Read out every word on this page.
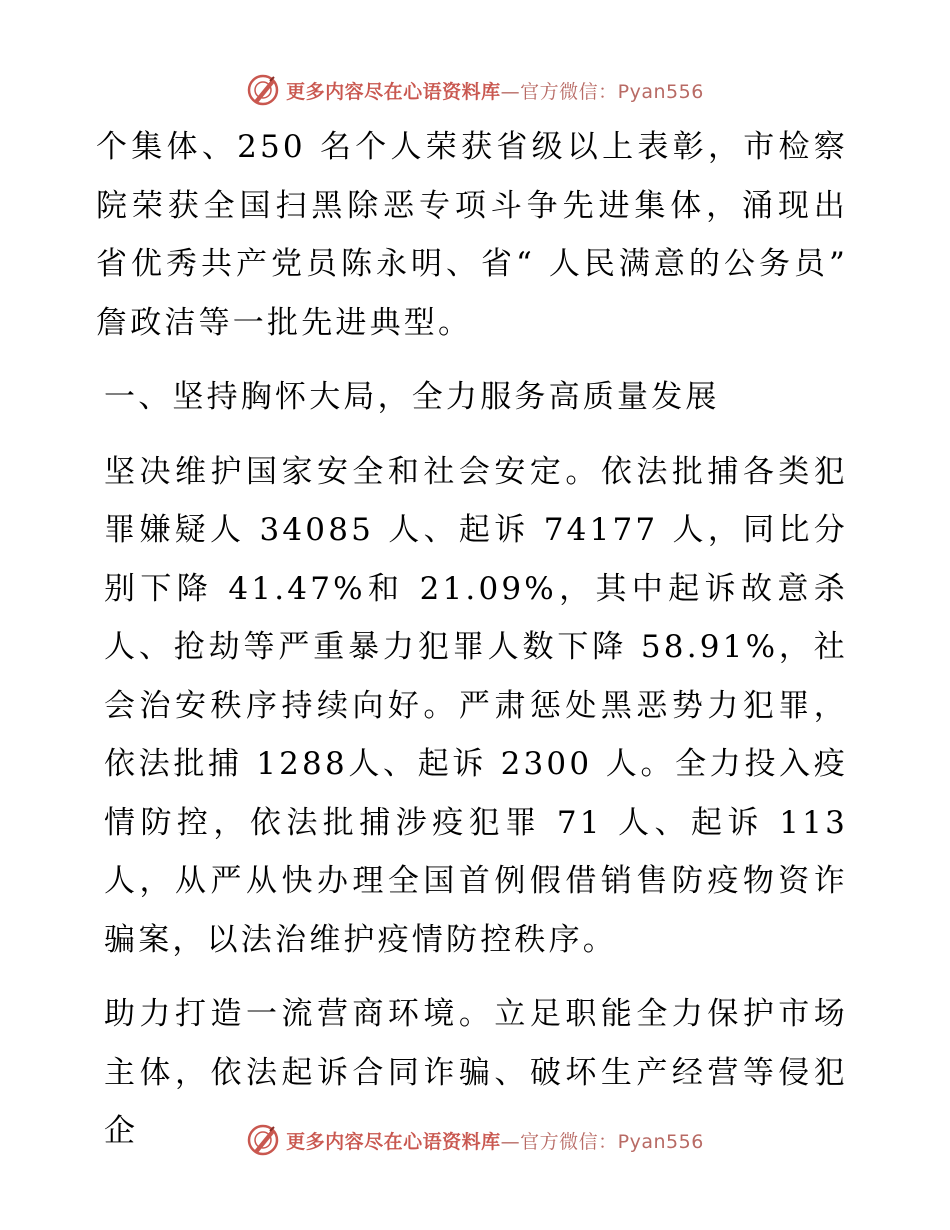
更多内容尽在心语资料库—官方微信：Pyan556

个集体、250 名个人荣获省级以上表彰，市检察院荣获全国扫黑除恶专项斗争先进集体，涌现出省优秀共产党员陈永明、省“ 人民满意的公务员” 詹政洁等一批先进典型。

一、坚持胸怀大局，全力服务高质量发展

坚决维护国家安全和社会安定。依法批捕各类犯罪嫌疑人 34085 人、起诉 74177 人，同比分别下降 41.47%和 21.09%，其中起诉故意杀人、抢劫等严重暴力犯罪人数下降 58.91%，社会治安秩序持续向好。严肃惩处黑恶势力犯罪，依法批捕 1288人、起诉 2300 人。全力投入疫情防控，依法批捕涉疫犯罪 71 人、起诉 113 人，从严从快办理全国首例假借销售防疫物资诈骗案，以法治维护疫情防控秩序。

助力打造一流营商环境。立足职能全力保护市场主体，依法起诉合同诈骗、破坏生产经营等侵犯企	更多内容尽在心语资料库—官方微信：Pyan556
